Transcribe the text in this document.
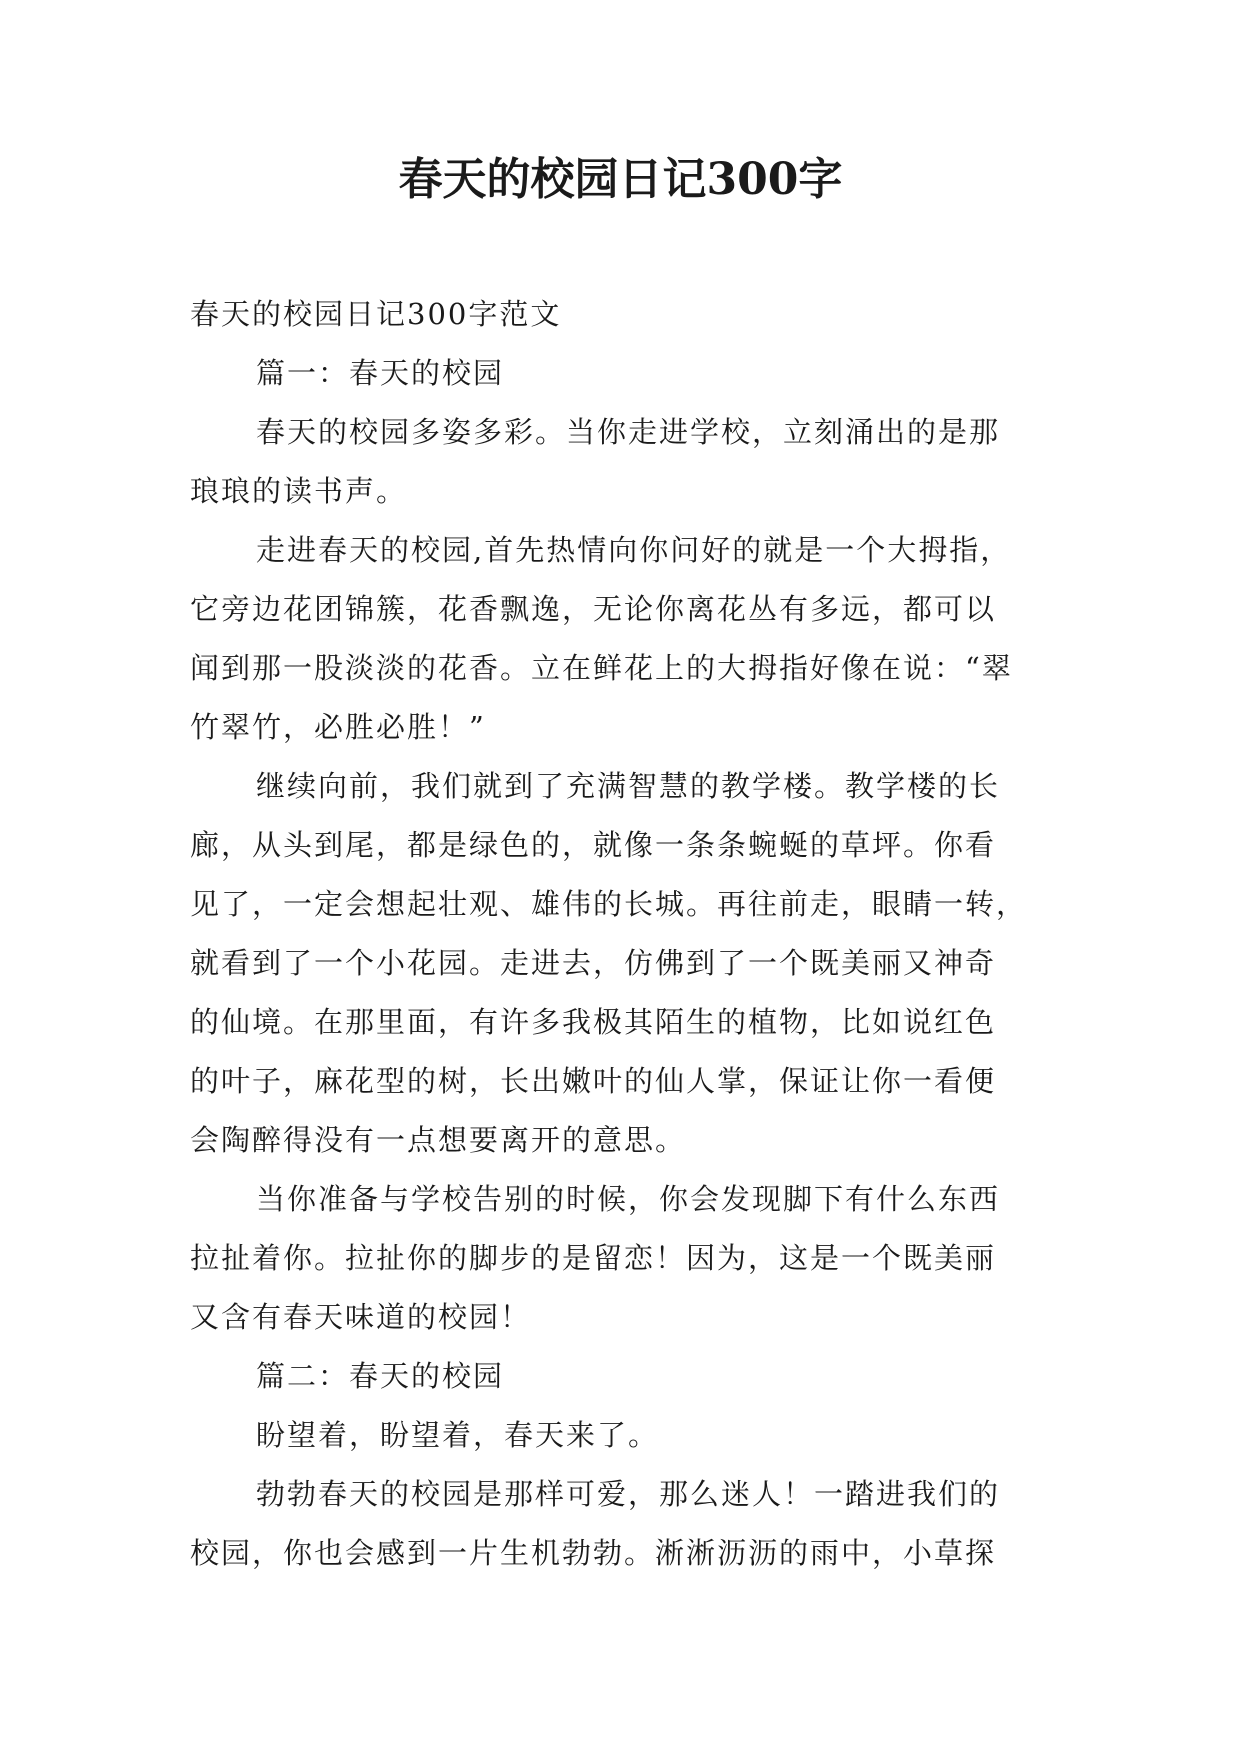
春天的校园日记300字

春天的校园日记300字范文

篇一：春天的校园

春天的校园多姿多彩。当你走进学校，立刻涌出的是那

琅琅的读书声。

走进春天的校园,首先热情向你问好的就是一个大拇指，

它旁边花团锦簇，花香飘逸，无论你离花丛有多远，都可以

闻到那一股淡淡的花香。立在鲜花上的大拇指好像在说：“翠

竹翠竹，必胜必胜！”

继续向前，我们就到了充满智慧的教学楼。教学楼的长

廊，从头到尾，都是绿色的，就像一条条蜿蜒的草坪。你看

见了，一定会想起壮观、雄伟的长城。再往前走，眼睛一转，

就看到了一个小花园。走进去，仿佛到了一个既美丽又神奇

的仙境。在那里面，有许多我极其陌生的植物，比如说红色

的叶子，麻花型的树，长出嫩叶的仙人掌，保证让你一看便

会陶醉得没有一点想要离开的意思。

当你准备与学校告别的时候，你会发现脚下有什么东西

拉扯着你。拉扯你的脚步的是留恋！因为，这是一个既美丽

又含有春天味道的校园！

篇二：春天的校园

盼望着，盼望着，春天来了。

勃勃春天的校园是那样可爱，那么迷人！一踏进我们的

校园，你也会感到一片生机勃勃。淅淅沥沥的雨中，小草探
